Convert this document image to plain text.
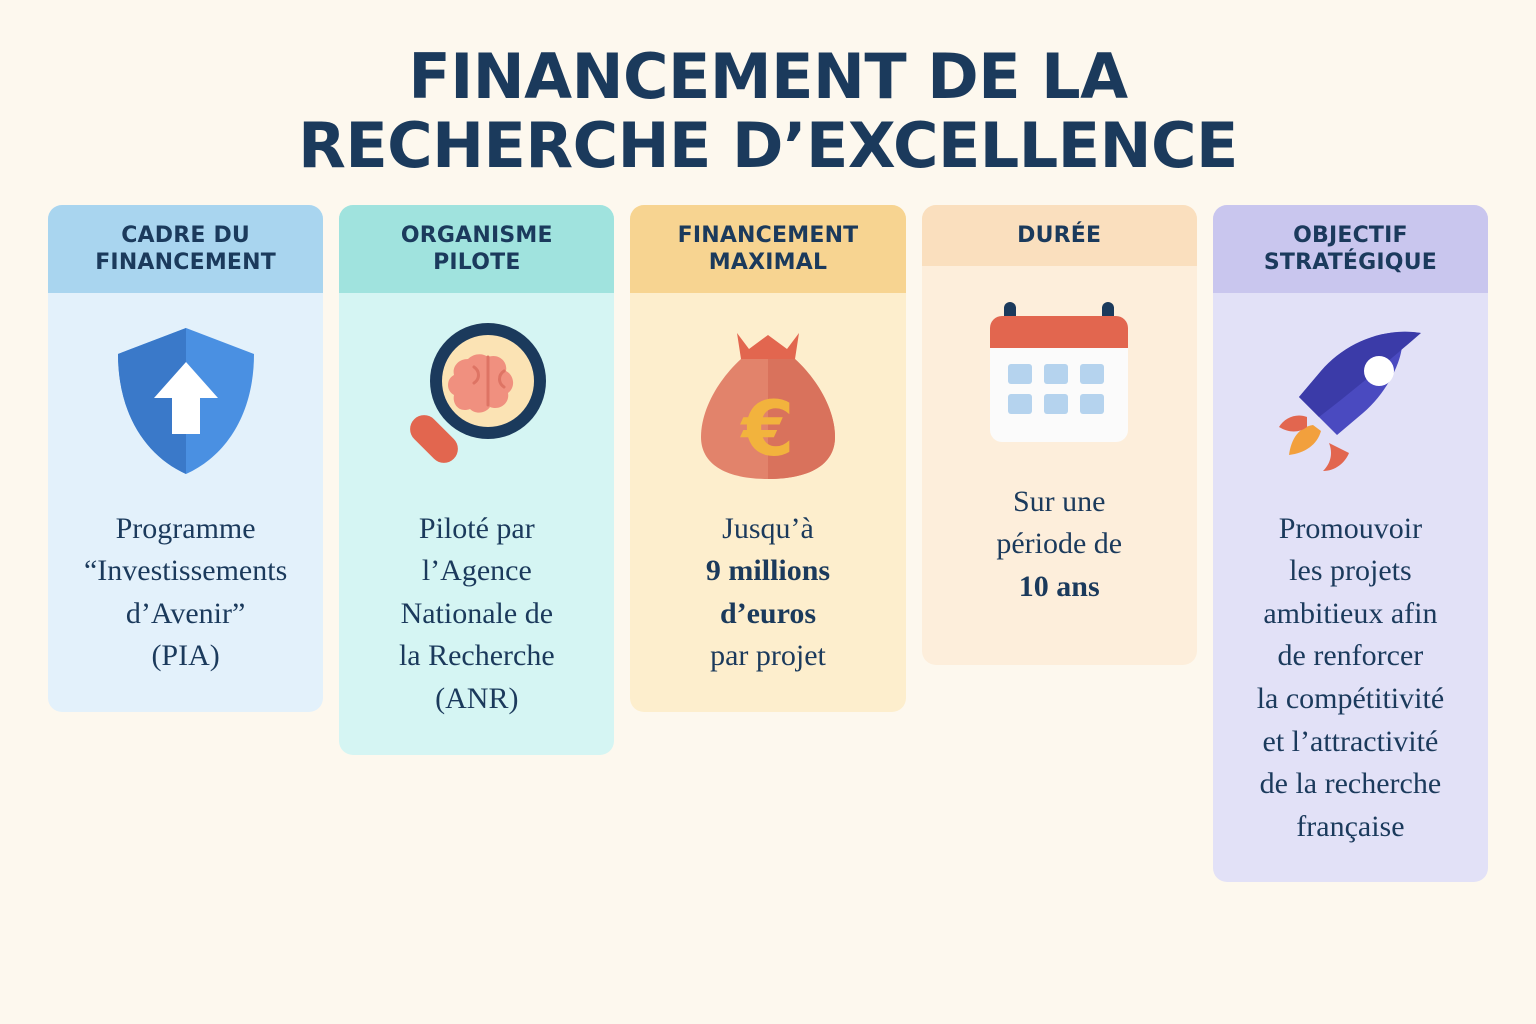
FINANCEMENT DE LA
RECHERCHE D’EXCELLENCE
CADRE DU FINANCEMENT
Programme
“Investissements
d’Avenir”
(PIA)
ORGANISME PILOTE
Piloté par
l’Agence
Nationale de
la Recherche
(ANR)
FINANCEMENT MAXIMAL
€
Jusqu’à
9 millions
d’euros
par projet
DURÉE
Sur une
période de
10 ans
OBJECTIF STRATÉGIQUE
Promouvoir
les projets
ambitieux afin
de renforcer
la compétitivité
et l’attractivité
de la recherche
française
